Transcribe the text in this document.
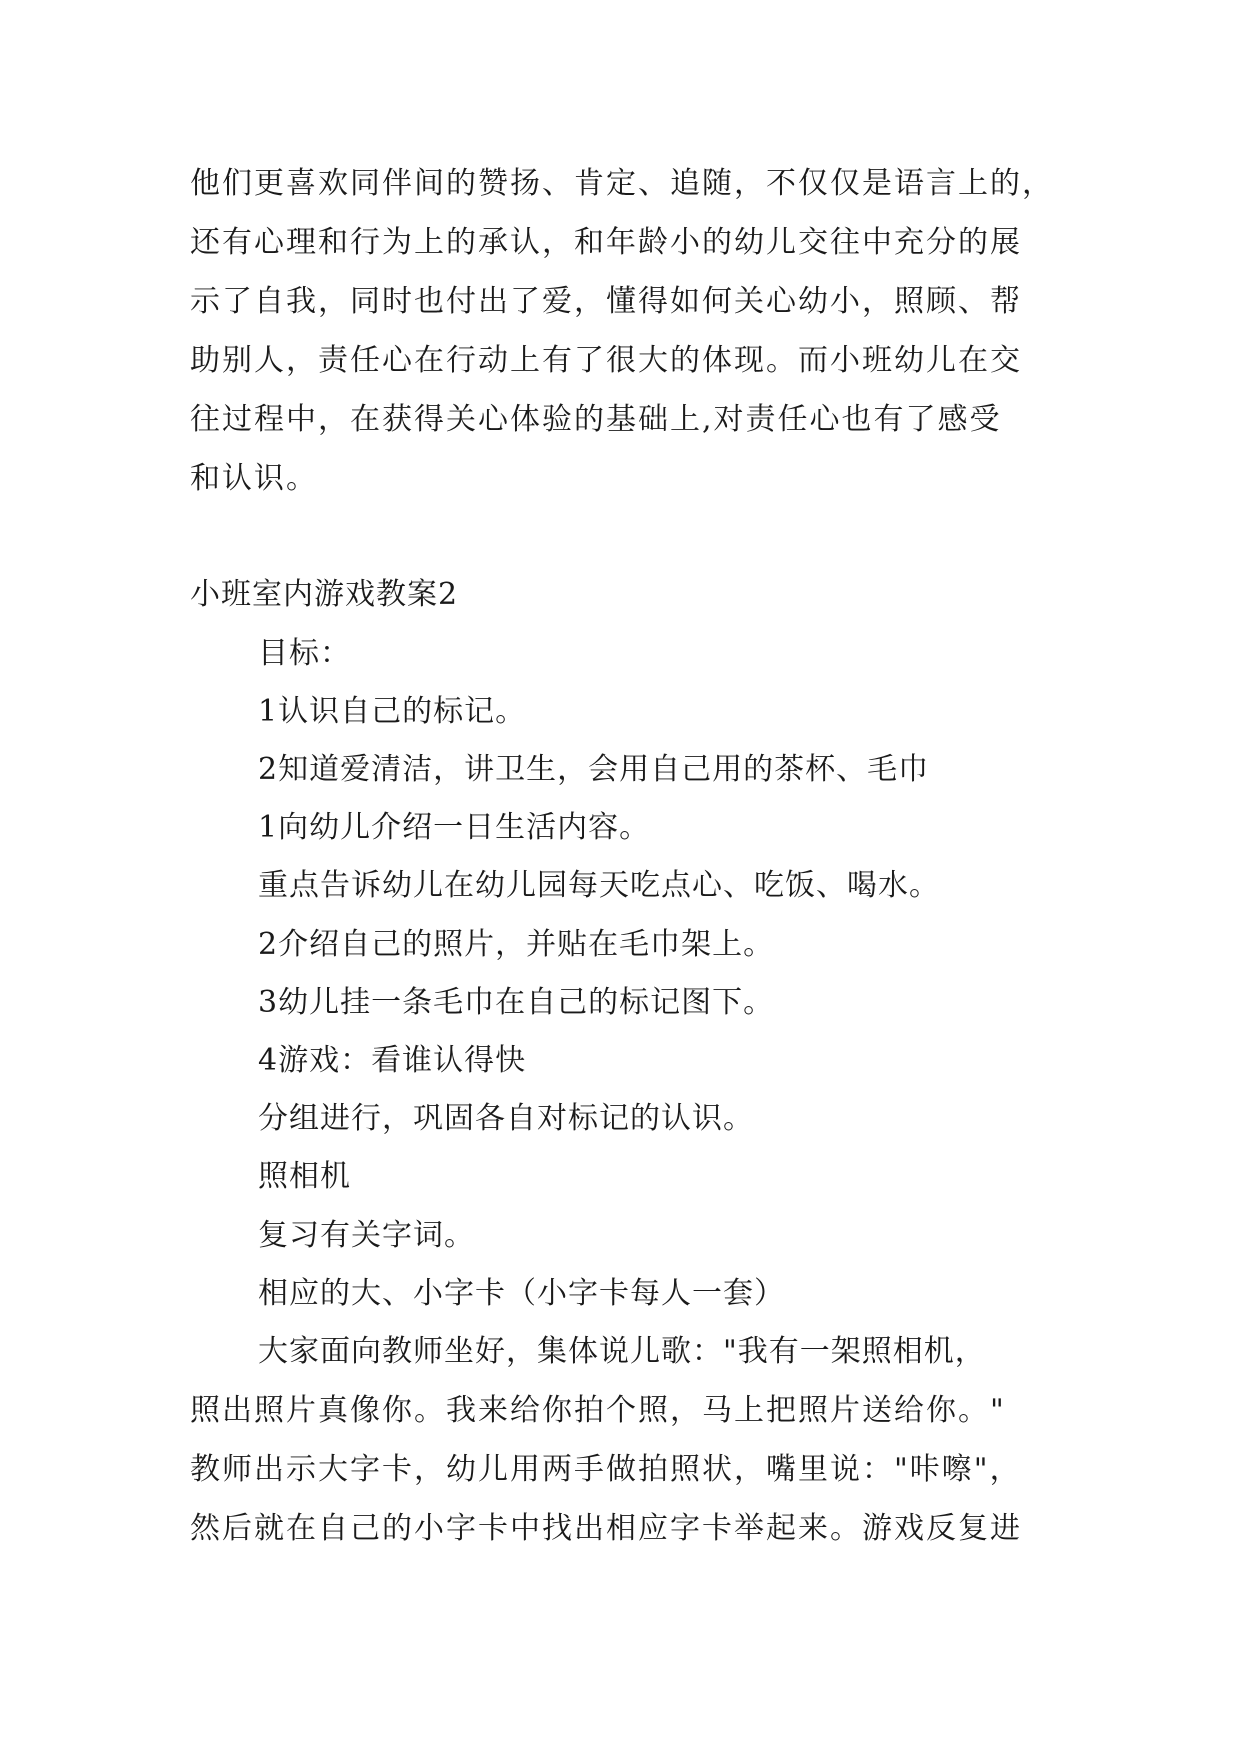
他们更喜欢同伴间的赞扬、肯定、追随，不仅仅是语言上的，
还有心理和行为上的承认，和年龄小的幼儿交往中充分的展
示了自我，同时也付出了爱，懂得如何关心幼小，照顾、帮
助别人，责任心在行动上有了很大的体现。而小班幼儿在交
往过程中，在获得关心体验的基础上,对责任心也有了感受
和认识。
小班室内游戏教案2
目标：
1认识自己的标记。
2知道爱清洁，讲卫生，会用自己用的茶杯、毛巾
1向幼儿介绍一日生活内容。
重点告诉幼儿在幼儿园每天吃点心、吃饭、喝水。
2介绍自己的照片，并贴在毛巾架上。
3幼儿挂一条毛巾在自己的标记图下。
4游戏：看谁认得快
分组进行，巩固各自对标记的认识。
照相机
复习有关字词。
相应的大、小字卡（小字卡每人一套）
大家面向教师坐好，集体说儿歌："我有一架照相机，
照出照片真像你。我来给你拍个照，马上把照片送给你。"
教师出示大字卡，幼儿用两手做拍照状，嘴里说："咔嚓"，
然后就在自己的小字卡中找出相应字卡举起来。游戏反复进
